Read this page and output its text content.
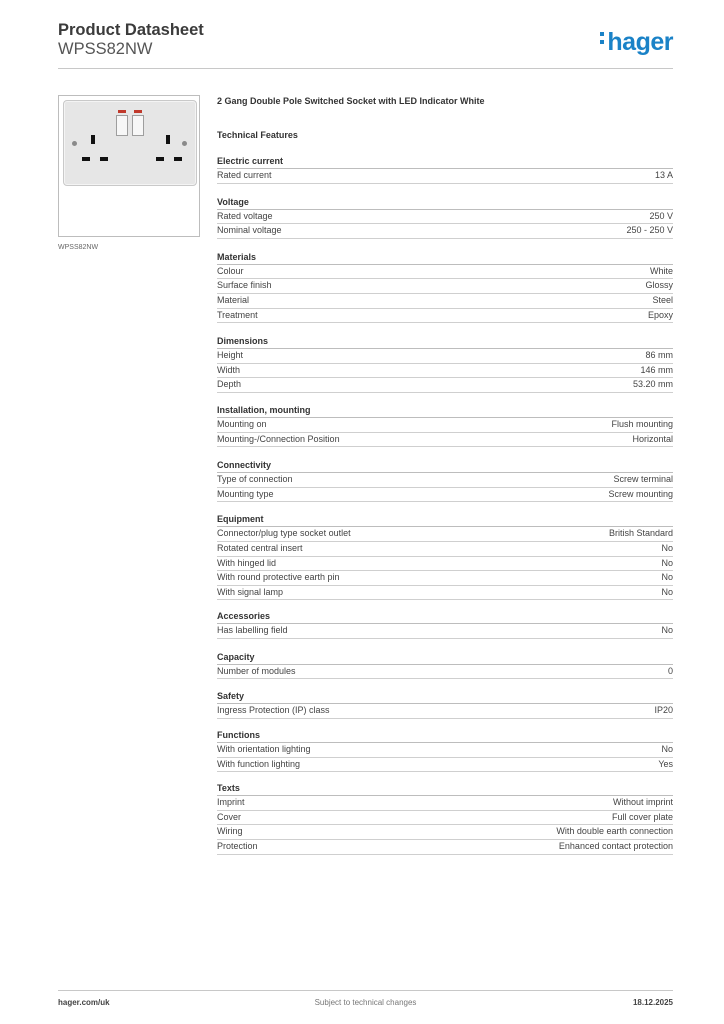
Product Datasheet
WPSS82NW	hager
WPSS82NW
2 Gang Double Pole Switched Socket with LED Indicator White
Technical Features
Electric current
Rated current	13 A
Voltage
Rated voltage	250 V
Nominal voltage	250 - 250 V
Materials
Colour	White
Surface finish	Glossy
Material	Steel
Treatment	Epoxy
Dimensions
Height	86 mm
Width	146 mm
Depth	53.20 mm
Installation, mounting
Mounting on	Flush mounting
Mounting-/Connection Position	Horizontal
Connectivity
Type of connection	Screw terminal
Mounting type	Screw mounting
Equipment
Connector/plug type socket outlet	British Standard
Rotated central insert	No
With hinged lid	No
With round protective earth pin	No
With signal lamp	No
Accessories
Has labelling field	No
Capacity
Number of modules	0
Safety
Ingress Protection (IP) class	IP20
Functions
With orientation lighting	No
With function lighting	Yes
Texts
Imprint	Without imprint
Cover	Full cover plate
Wiring	With double earth connection
Protection	Enhanced contact protection
hager.com/uk	Subject to technical changes	18.12.2025
